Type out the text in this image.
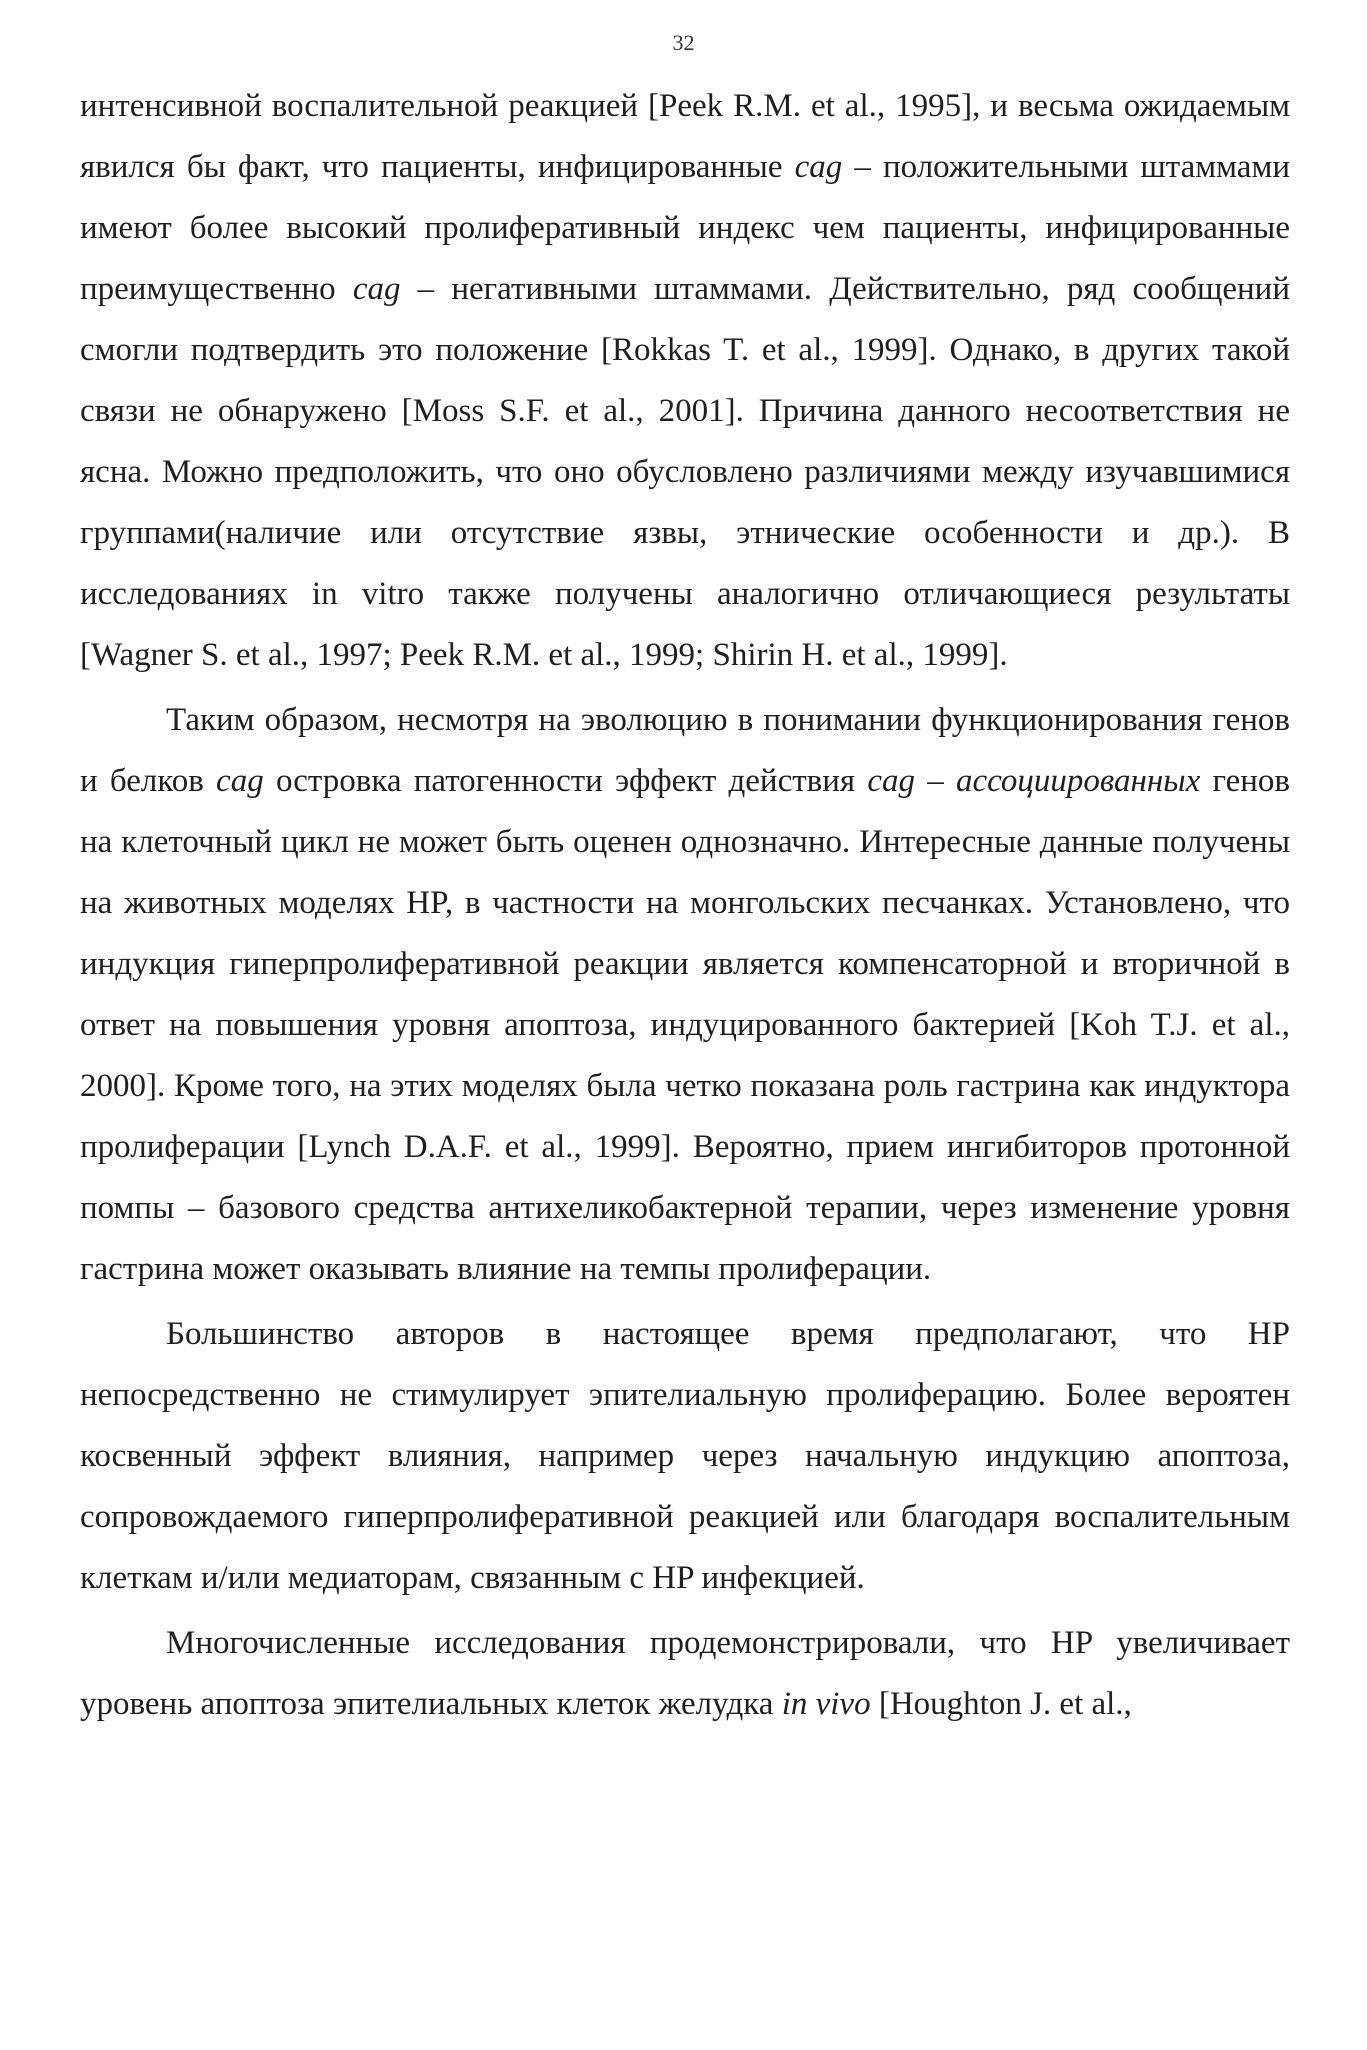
32

интенсивной воспалительной реакцией [Peek R.M. et al., 1995], и весьма ожидаемым явился бы факт, что пациенты, инфицированные cag – положительными штаммами имеют более высокий пролиферативный индекс чем пациенты, инфицированные преимущественно cag – негативными штаммами. Действительно, ряд сообщений смогли подтвердить это положение [Rokkas T. et al., 1999]. Однако, в других такой связи не обнаружено [Moss S.F. et al., 2001]. Причина данного несоответствия не ясна. Можно предположить, что оно обусловлено различиями между изучавшимися группами(наличие или отсутствие язвы, этнические особенности и др.). В исследованиях in vitro также получены аналогично отличающиеся результаты [Wagner S. et al., 1997; Peek R.M. et al., 1999; Shirin H. et al., 1999].

Таким образом, несмотря на эволюцию в понимании функционирования генов и белков cag островка патогенности эффект действия cag – ассоциированных генов на клеточный цикл не может быть оценен однозначно. Интересные данные получены на животных моделях HP, в частности на монгольских песчанках. Установлено, что индукция гиперпролиферативной реакции является компенсаторной и вторичной в ответ на повышения уровня апоптоза, индуцированного бактерией [Koh T.J. et al., 2000]. Кроме того, на этих моделях была четко показана роль гастрина как индуктора пролиферации [Lynch D.A.F. et al., 1999]. Вероятно, прием ингибиторов протонной помпы – базового средства антихеликобактерной терапии, через изменение уровня гастрина может оказывать влияние на темпы пролиферации.

Большинство авторов в настоящее время предполагают, что HP непосредственно не стимулирует эпителиальную пролиферацию. Более вероятен косвенный эффект влияния, например через начальную индукцию апоптоза, сопровождаемого гиперпролиферативной реакцией или благодаря воспалительным клеткам и/или медиаторам, связанным с HP инфекцией.

Многочисленные исследования продемонстрировали, что HP увеличивает уровень апоптоза эпителиальных клеток желудка in vivo [Houghton J. et al.,
